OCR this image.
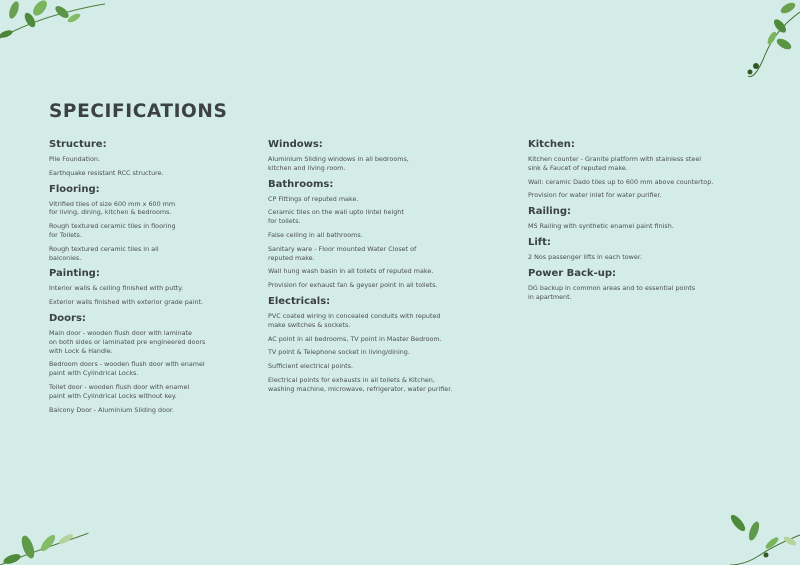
SPECIFICATIONS
Structure:

Pile Foundation.

Earthquake resistant RCC structure.

Flooring:

Vitrified tiles of size 600 mm x 600 mm
for living, dining, kitchen & bedrooms.

Rough textured ceramic tiles in flooring
for Toilets.

Rough textured ceramic tiles in all
balconies.

Painting:

Interior walls & ceiling finished with putty.

Exterior walls finished with exterior grade paint.

Doors:

Main door - wooden flush door with laminate
on both sides or laminated pre engineered doors
with Lock & Handle.

Bedroom doors - wooden flush door with enamel
paint with Cylindrical Locks.

Toilet door - wooden flush door with enamel
paint with Cylindrical Locks without key.

Balcony Door - Aluminium Sliding door.

Windows:

Aluminium Sliding windows in all bedrooms,
kitchen and living room.

Bathrooms:

CP Fittings of reputed make.

Ceramic tiles on the wall upto lintel height
for toilets.

False ceiling in all bathrooms.

Sanitary ware - Floor mounted Water Closet of
reputed make.

Wall hung wash basin in all toilets of reputed make.

Provision for exhaust fan & geyser point in all toilets.

Electricals:

PVC coated wiring in concealed conduits with reputed
make switches & sockets.

AC point in all bedrooms, TV point in Master Bedroom.

TV point & Telephone socket in living/dining.

Sufficient electrical points.

Electrical points for exhausts in all toilets & Kitchen,
washing machine, microwave, refrigerator, water purifier.

Kitchen:

Kitchen counter - Granite platform with stainless steel
sink & Faucet of reputed make.

Wall: ceramic Dado tiles up to 600 mm above countertop.

Provision for water inlet for water purifier.

Railing:

MS Railing with synthetic enamel paint finish.

Lift:

2 Nos passenger lifts in each tower.

Power Back-up:

DG backup in common areas and to essential points
in apartment.
